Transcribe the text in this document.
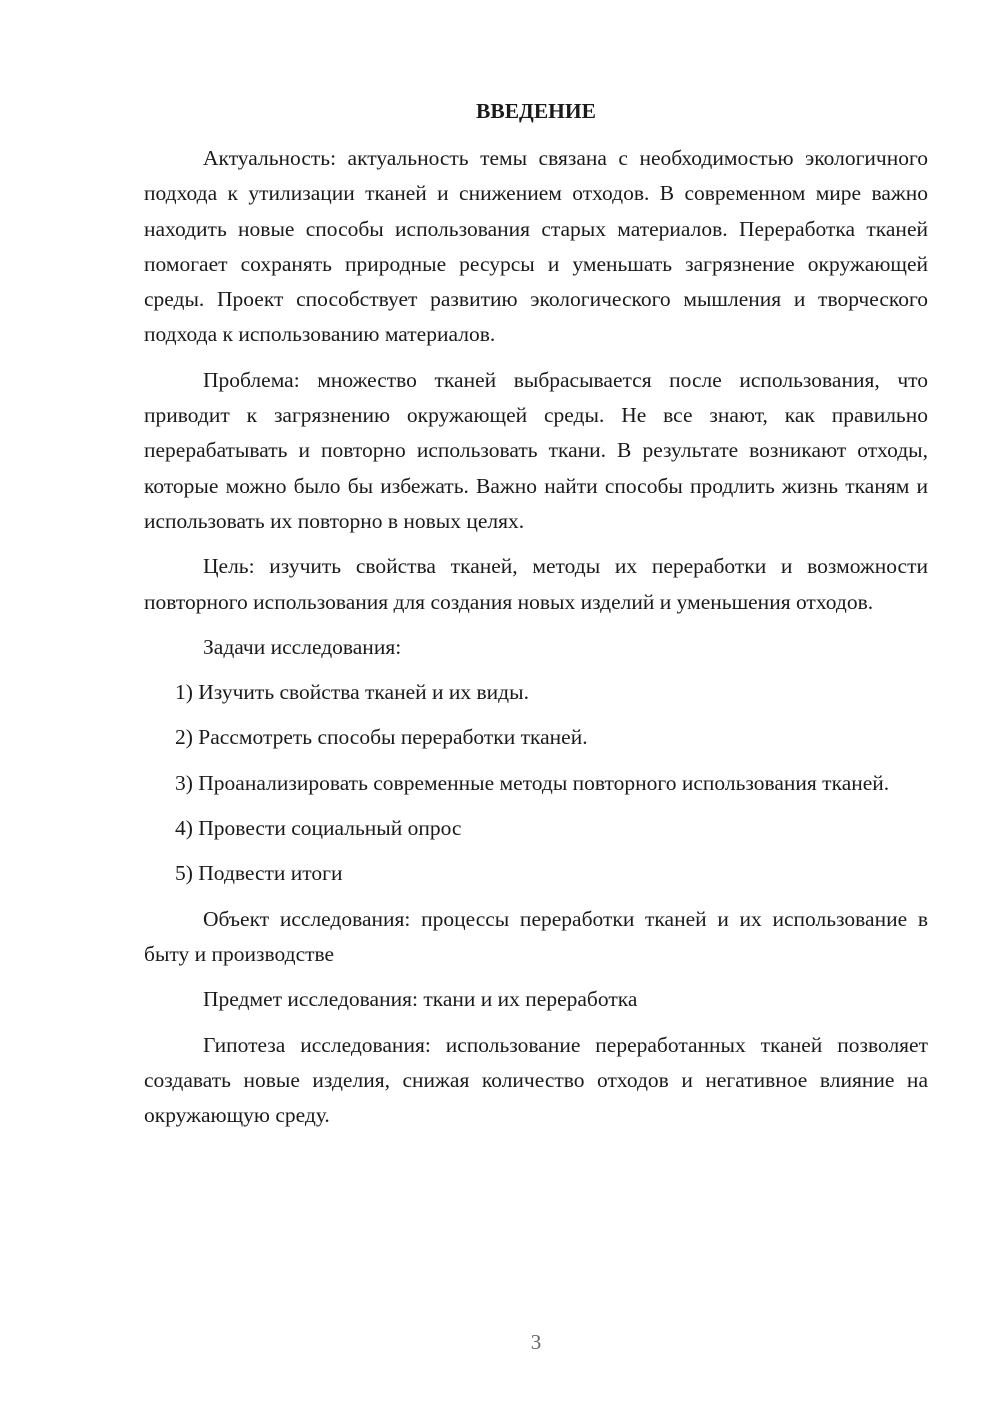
ВВЕДЕНИЕ

Актуальность: актуальность темы связана с необходимостью экологичного подхода к утилизации тканей и снижением отходов. В современном мире важно находить новые способы использования старых материалов. Переработка тканей помогает сохранять природные ресурсы и уменьшать загрязнение окружающей среды. Проект способствует развитию экологического мышления и творческого подхода к использованию материалов.

Проблема: множество тканей выбрасывается после использования, что приводит к загрязнению окружающей среды. Не все знают, как правильно перерабатывать и повторно использовать ткани. В результате возникают отходы, которые можно было бы избежать. Важно найти способы продлить жизнь тканям и использовать их повторно в новых целях.

Цель: изучить свойства тканей, методы их переработки и возможности повторного использования для создания новых изделий и уменьшения отходов.

Задачи исследования:

1) Изучить свойства тканей и их виды.
2) Рассмотреть способы переработки тканей.
3) Проанализировать современные методы повторного использования тканей.
4) Провести социальный опрос
5) Подвести итоги

Объект исследования: процессы переработки тканей и их использование в быту и производстве

Предмет исследования: ткани и их переработка

Гипотеза исследования: использование переработанных тканей позволяет создавать новые изделия, снижая количество отходов и негативное влияние на окружающую среду.

3
